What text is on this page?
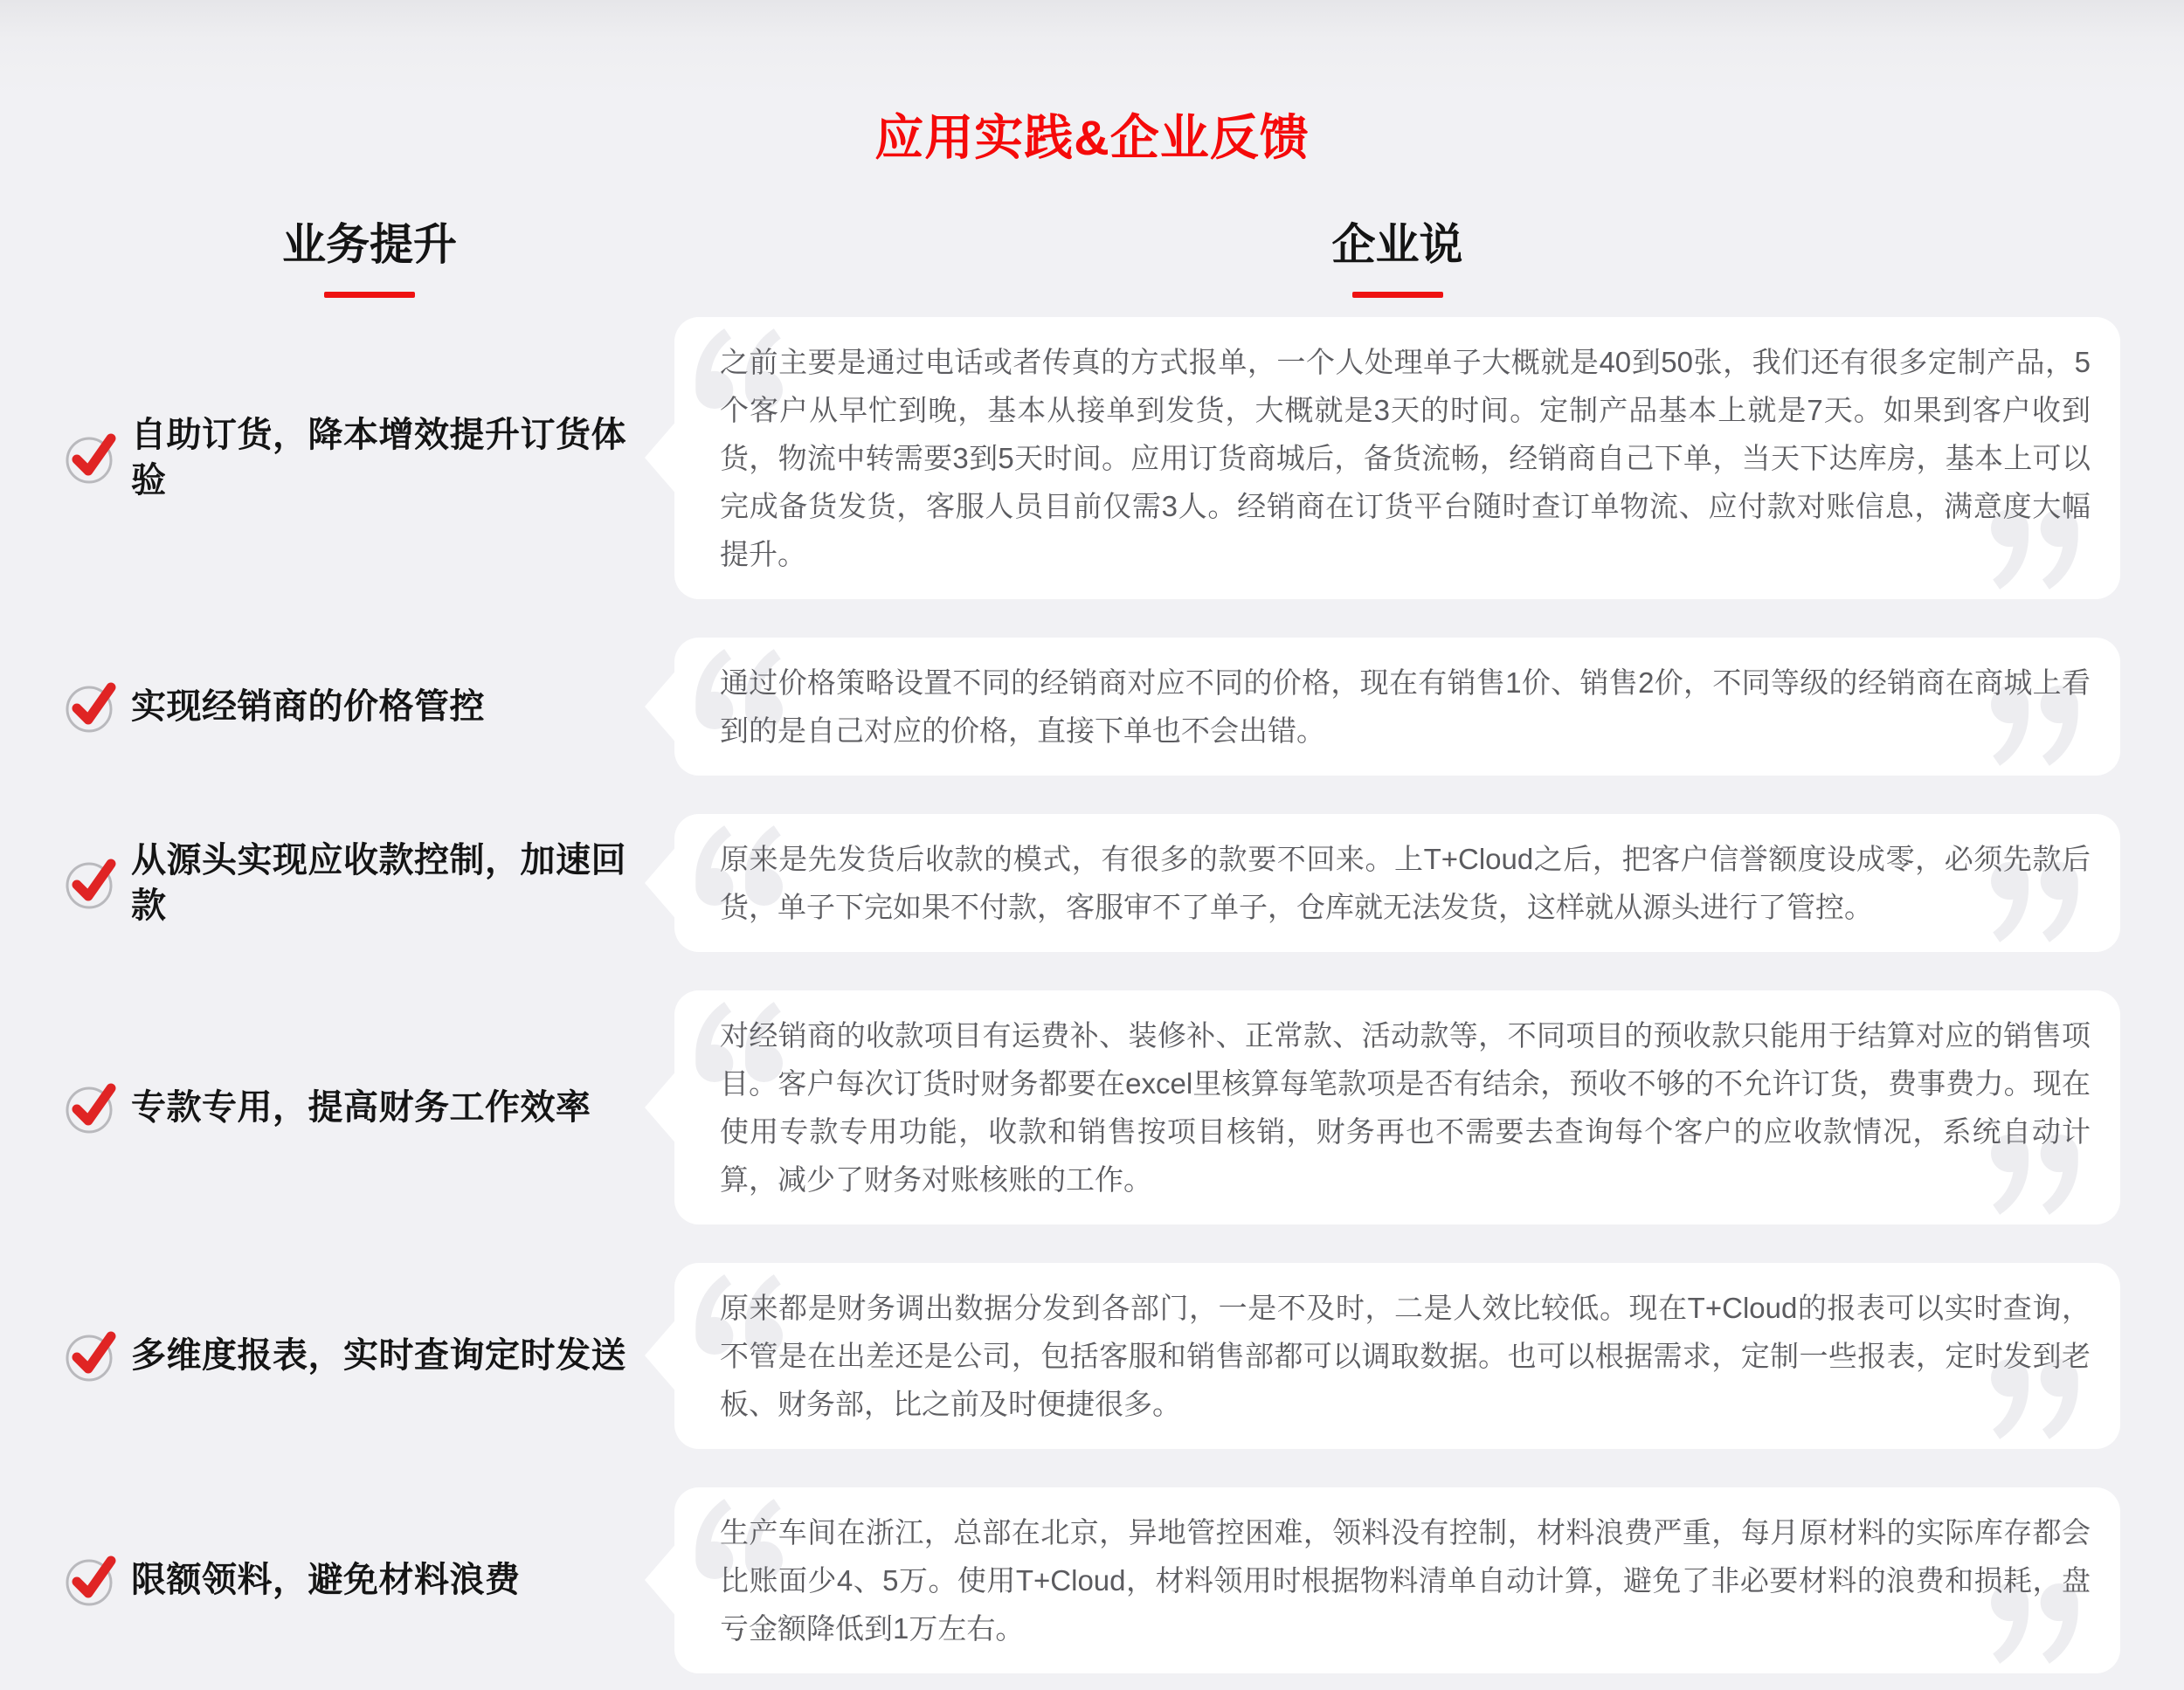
应用实践&企业反馈
业务提升	企业说
自助订货，降本增效提升订货体验

之前主要是通过电话或者传真的方式报单，一个人处理单子大概就是40到50张，我们还有很多定制产品，5个客户从早忙到晚，基本从接单到发货，大概就是3天的时间。定制产品基本上就是7天。如果到客户收到货，物流中转需要3到5天时间。应用订货商城后，备货流畅，经销商自己下单，当天下达库房，基本上可以完成备货发货，客服人员目前仅需3人。经销商在订货平台随时查订单物流、应付款对账信息，满意度大幅提升。

实现经销商的价格管控

通过价格策略设置不同的经销商对应不同的价格，现在有销售1价、销售2价，不同等级的经销商在商城上看到的是自己对应的价格，直接下单也不会出错。

从源头实现应收款控制，加速回款

原来是先发货后收款的模式，有很多的款要不回来。上T+Cloud之后，把客户信誉额度设成零，必须先款后货，单子下完如果不付款，客服审不了单子，仓库就无法发货，这样就从源头进行了管控。

专款专用，提高财务工作效率

对经销商的收款项目有运费补、装修补、正常款、活动款等，不同项目的预收款只能用于结算对应的销售项目。客户每次订货时财务都要在excel里核算每笔款项是否有结余，预收不够的不允许订货，费事费力。现在使用专款专用功能，收款和销售按项目核销，财务再也不需要去查询每个客户的应收款情况，系统自动计算，减少了财务对账核账的工作。

多维度报表，实时查询定时发送

原来都是财务调出数据分发到各部门，一是不及时，二是人效比较低。现在T+Cloud的报表可以实时查询，不管是在出差还是公司，包括客服和销售部都可以调取数据。也可以根据需求，定制一些报表，定时发到老板、财务部，比之前及时便捷很多。

限额领料，避免材料浪费

生产车间在浙江，总部在北京，异地管控困难，领料没有控制，材料浪费严重，每月原材料的实际库存都会比账面少4、5万。使用T+Cloud，材料领用时根据物料清单自动计算，避免了非必要材料的浪费和损耗，盘亏金额降低到1万左右。
